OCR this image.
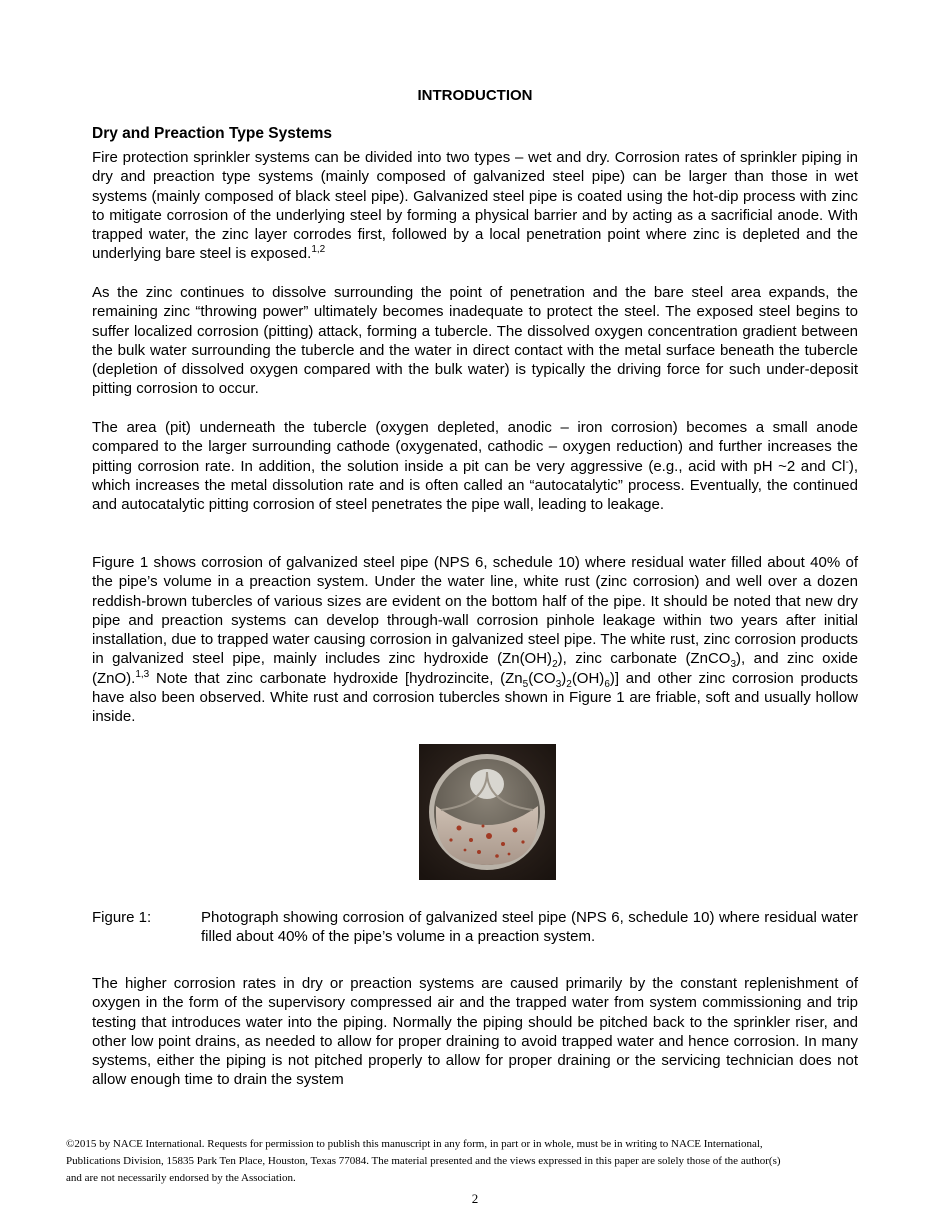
INTRODUCTION
Dry and Preaction Type Systems

Fire protection sprinkler systems can be divided into two types – wet and dry. Corrosion rates of sprinkler piping in dry and preaction type systems (mainly composed of galvanized steel pipe) can be larger than those in wet systems (mainly composed of black steel pipe). Galvanized steel pipe is coated using the hot-dip process with zinc to mitigate corrosion of the underlying steel by forming a physical barrier and by acting as a sacrificial anode. With trapped water, the zinc layer corrodes first, followed by a local penetration point where zinc is depleted and the underlying bare steel is exposed.$^{1,2}$

As the zinc continues to dissolve surrounding the point of penetration and the bare steel area expands, the remaining zinc “throwing power” ultimately becomes inadequate to protect the steel. The exposed steel begins to suffer localized corrosion (pitting) attack, forming a tubercle. The dissolved oxygen concentration gradient between the bulk water surrounding the tubercle and the water in direct contact with the metal surface beneath the tubercle (depletion of dissolved oxygen compared with the bulk water) is typically the driving force for such under-deposit pitting corrosion to occur.

The area (pit) underneath the tubercle (oxygen depleted, anodic – iron corrosion) becomes a small anode compared to the larger surrounding cathode (oxygenated, cathodic – oxygen reduction) and further increases the pitting corrosion rate. In addition, the solution inside a pit can be very aggressive (e.g., acid with pH ~2 and Cl-), which increases the metal dissolution rate and is often called an “autocatalytic” process. Eventually, the continued and autocatalytic pitting corrosion of steel penetrates the pipe wall, leading to leakage.

Figure 1 shows corrosion of galvanized steel pipe (NPS 6, schedule 10) where residual water filled about 40% of the pipe’s volume in a preaction system. Under the water line, white rust (zinc corrosion) and well over a dozen reddish-brown tubercles of various sizes are evident on the bottom half of the pipe. It should be noted that new dry pipe and preaction systems can develop through-wall corrosion pinhole leakage within two years after initial installation, due to trapped water causing corrosion in galvanized steel pipe. The white rust, zinc corrosion products in galvanized steel pipe, mainly includes zinc hydroxide $(Zn(OH)_2)$, zinc carbonate (ZnCO$_3$), and zinc oxide (ZnO).$^{1,3}$ Note that zinc carbonate hydroxide [hydrozincite, $(Zn_5(CO_3)_2(OH)_6)$] and other zinc corrosion products have also been observed. White rust and corrosion tubercles shown in Figure 1 are friable, soft and usually hollow inside.

Figure 1:	Photograph showing corrosion of galvanized steel pipe (NPS 6, schedule 10) where residual water filled about 40% of the pipe’s volume in a preaction system.

The higher corrosion rates in dry or preaction systems are caused primarily by the constant replenishment of oxygen in the form of the supervisory compressed air and the trapped water from system commissioning and trip testing that introduces water into the piping. Normally the piping should be pitched back to the sprinkler riser, and other low point drains, as needed to allow for proper draining to avoid trapped water and hence corrosion. In many systems, either the piping is not pitched properly to allow for proper draining or the servicing technician does not allow enough time to drain the system

©2015 by NACE International. Requests for permission to publish this manuscript in any form, in part or in whole, must be in writing to NACE International, Publications Division, 15835 Park Ten Place, Houston, Texas 77084. The material presented and the views expressed in this paper are solely those of the author(s) and are not necessarily endorsed by the Association.

2
